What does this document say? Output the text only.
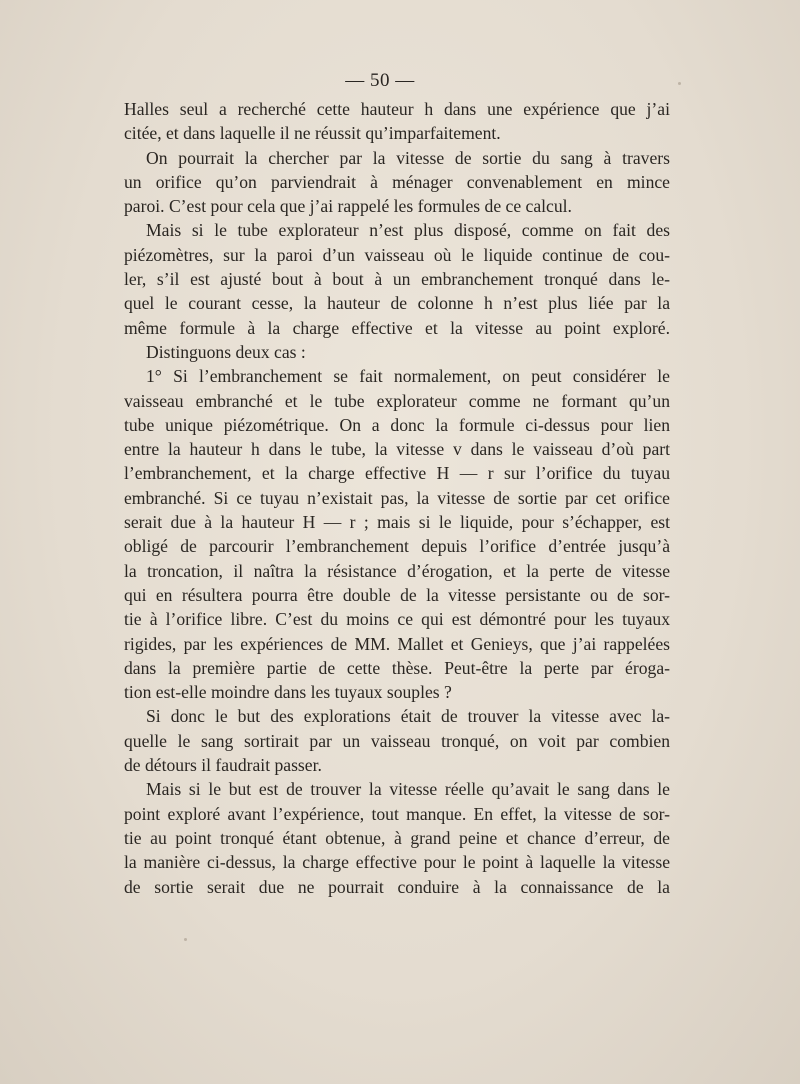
— 50 —
Halles seul a recherché cette hauteur h dans une expérience que j’ai
citée, et dans laquelle il ne réussit qu’imparfaitement.
On pourrait la chercher par la vitesse de sortie du sang à travers
un orifice qu’on parviendrait à ménager convenablement en mince
paroi. C’est pour cela que j’ai rappelé les formules de ce calcul.
Mais si le tube explorateur n’est plus disposé, comme on fait des
piézomètres, sur la paroi d’un vaisseau où le liquide continue de cou-
ler, s’il est ajusté bout à bout à un embranchement tronqué dans le-
quel le courant cesse, la hauteur de colonne h n’est plus liée par la
même formule à la charge effective et la vitesse au point exploré.
Distinguons deux cas :
1° Si l’embranchement se fait normalement, on peut considérer le
vaisseau embranché et le tube explorateur comme ne formant qu’un
tube unique piézométrique. On a donc la formule ci-dessus pour lien
entre la hauteur h dans le tube, la vitesse v dans le vaisseau d’où part
l’embranchement, et la charge effective H — r sur l’orifice du tuyau
embranché. Si ce tuyau n’existait pas, la vitesse de sortie par cet orifice
serait due à la hauteur H — r ; mais si le liquide, pour s’échapper, est
obligé de parcourir l’embranchement depuis l’orifice d’entrée jusqu’à
la troncation, il naîtra la résistance d’érogation, et la perte de vitesse
qui en résultera pourra être double de la vitesse persistante ou de sor-
tie à l’orifice libre. C’est du moins ce qui est démontré pour les tuyaux
rigides, par les expériences de MM. Mallet et Genieys, que j’ai rappelées
dans la première partie de cette thèse. Peut-être la perte par éroga-
tion est-elle moindre dans les tuyaux souples ?
Si donc le but des explorations était de trouver la vitesse avec la-
quelle le sang sortirait par un vaisseau tronqué, on voit par combien
de détours il faudrait passer.
Mais si le but est de trouver la vitesse réelle qu’avait le sang dans le
point exploré avant l’expérience, tout manque. En effet, la vitesse de sor-
tie au point tronqué étant obtenue, à grand peine et chance d’erreur, de
la manière ci-dessus, la charge effective pour le point à laquelle la vitesse
de sortie serait due ne pourrait conduire à la connaissance de la
